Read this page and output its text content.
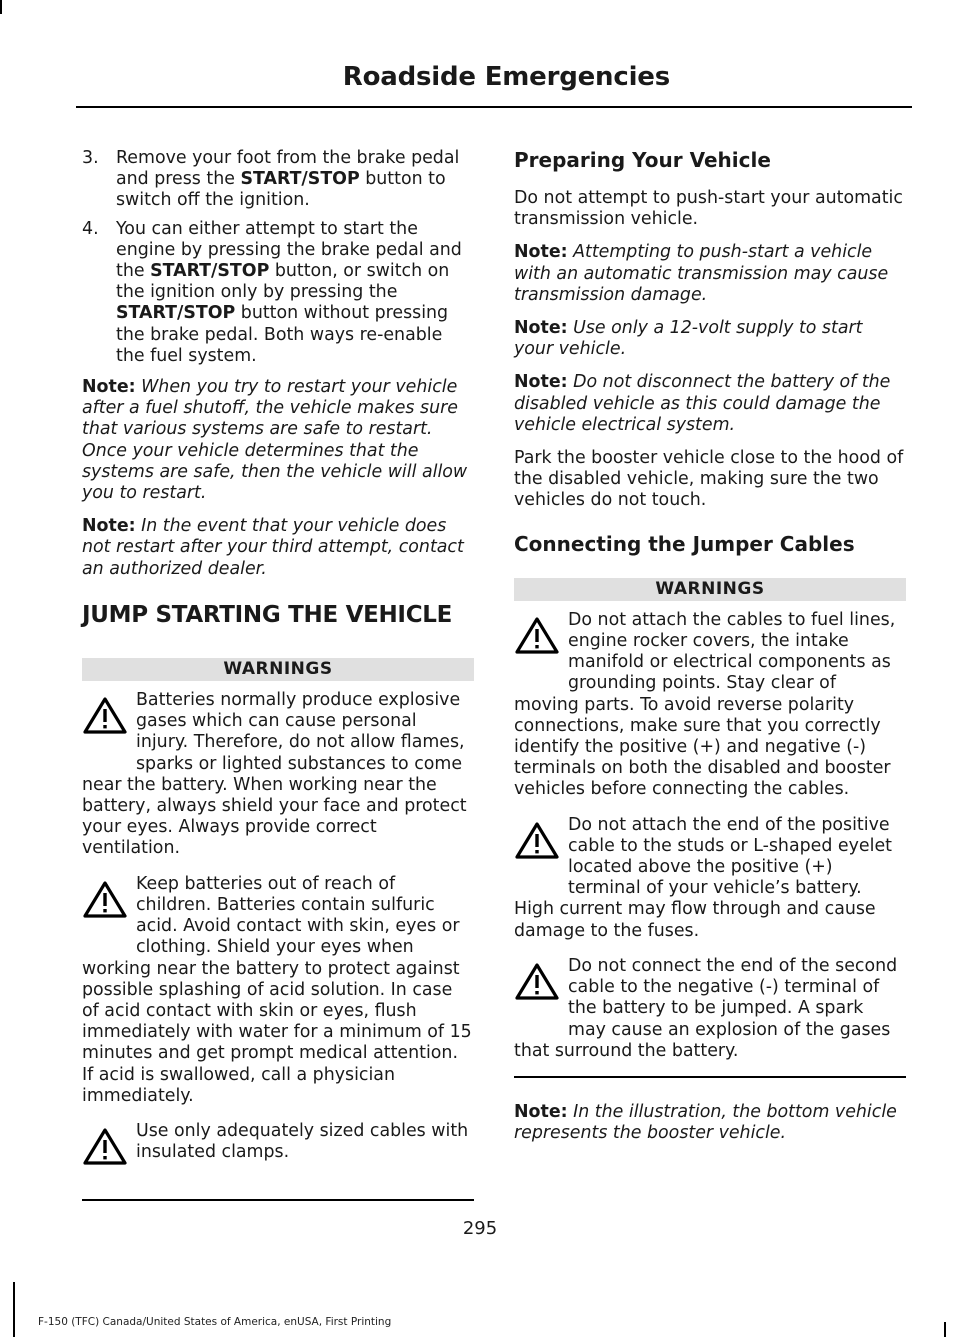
Roadside Emergencies
3.	Remove your foot from the brake pedal and press the START/STOP button to switch off the ignition.
4.	You can either attempt to start the engine by pressing the brake pedal and the START/STOP button, or switch on the ignition only by pressing the START/STOP button without pressing the brake pedal. Both ways re-enable the fuel system.

Note: When you try to restart your vehicle after a fuel shutoff, the vehicle makes sure that various systems are safe to restart. Once your vehicle determines that the systems are safe, then the vehicle will allow you to restart.

Note: In the event that your vehicle does not restart after your third attempt, contact an authorized dealer.

JUMP STARTING THE VEHICLE
WARNINGS
Batteries normally produce explosive gases which can cause personal injury. Therefore, do not allow flames, sparks or lighted substances to come near the battery. When working near the battery, always shield your face and protect your eyes. Always provide correct ventilation.
Keep batteries out of reach of children. Batteries contain sulfuric acid. Avoid contact with skin, eyes or clothing. Shield your eyes when working near the battery to protect against possible splashing of acid solution. In case of acid contact with skin or eyes, flush immediately with water for a minimum of 15 minutes and get prompt medical attention. If acid is swallowed, call a physician immediately.
Use only adequately sized cables with insulated clamps.
Preparing Your Vehicle

Do not attempt to push-start your automatic transmission vehicle.

Note: Attempting to push-start a vehicle with an automatic transmission may cause transmission damage.

Note: Use only a 12-volt supply to start your vehicle.

Note: Do not disconnect the battery of the disabled vehicle as this could damage the vehicle electrical system.

Park the booster vehicle close to the hood of the disabled vehicle, making sure the two vehicles do not touch.

Connecting the Jumper Cables
WARNINGS
Do not attach the cables to fuel lines, engine rocker covers, the intake manifold or electrical components as grounding points. Stay clear of moving parts. To avoid reverse polarity connections, make sure that you correctly identify the positive (+) and negative (-) terminals on both the disabled and booster vehicles before connecting the cables.
Do not attach the end of the positive cable to the studs or L-shaped eyelet located above the positive (+) terminal of your vehicle’s battery. High current may flow through and cause damage to the fuses.
Do not connect the end of the second cable to the negative (-) terminal of the battery to be jumped. A spark may cause an explosion of the gases that surround the battery.

Note: In the illustration, the bottom vehicle represents the booster vehicle.

295
F-150 (TFC) Canada/United States of America, enUSA, First Printing
